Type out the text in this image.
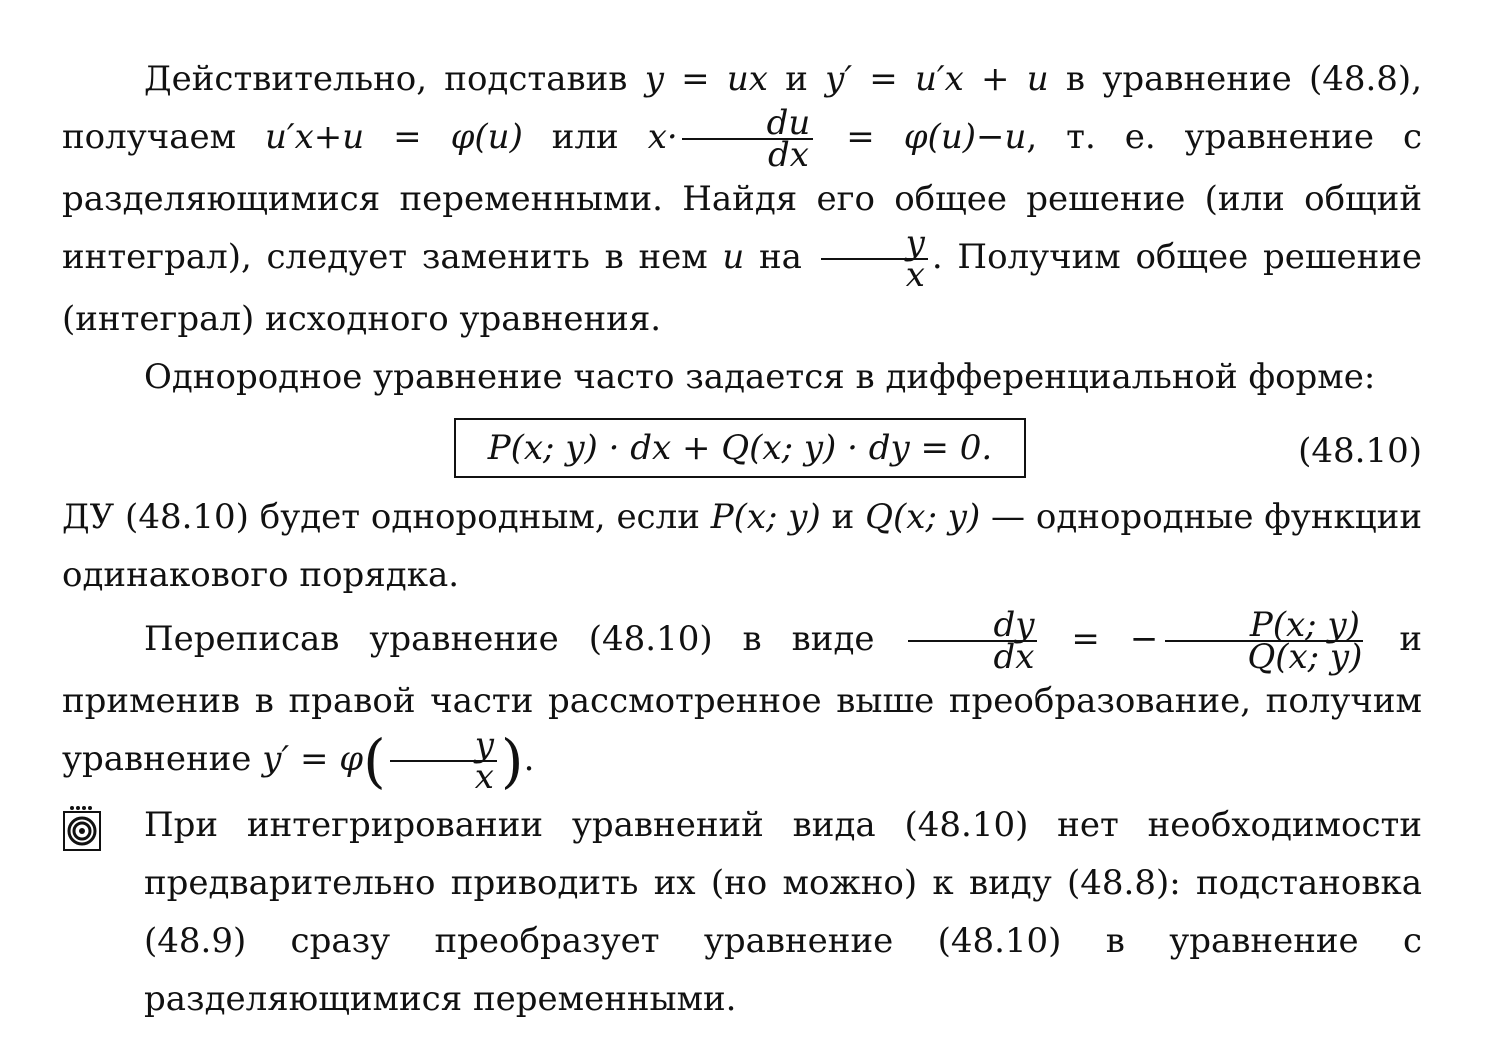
Действительно, подставив y = ux и y′ = u′x + u в уравнение (48.8), получаем u′x+u = φ(u) или $x\cdot \frac{du}{dx} = \varphi(u)-u$, т. е. уравнение с разделяющимися переменными. Найдя его общее решение (или общий интеграл), следует заменить в нем u на $\frac{y}{x}$ . Получим общее решение (интеграл) исходного уравнения.

Однородное уравнение часто задается в дифференциальной форме:

P(x; y) · dx + Q(x; y) · dy = 0.	(48.10)

ДУ (48.10) будет однородным, если P(x; y) и Q(x; y) — однородные функции одинакового порядка.

Переписав уравнение (48.10) в виде $\frac{dy}{dx}$ = − $\frac{P(x; y)}{Q(x; y)}$ и применив в правой части рассмотренное выше преобразование, получим уравнение $y' = \varphi( \frac{y}{x}$ ).

При интегрировании уравнений вида (48.10) нет необходимости предварительно приводить их (но можно) к виду (48.8): подстановка (48.9) сразу преобразует уравнение (48.10) в уравнение с разделяющимися переменными.
